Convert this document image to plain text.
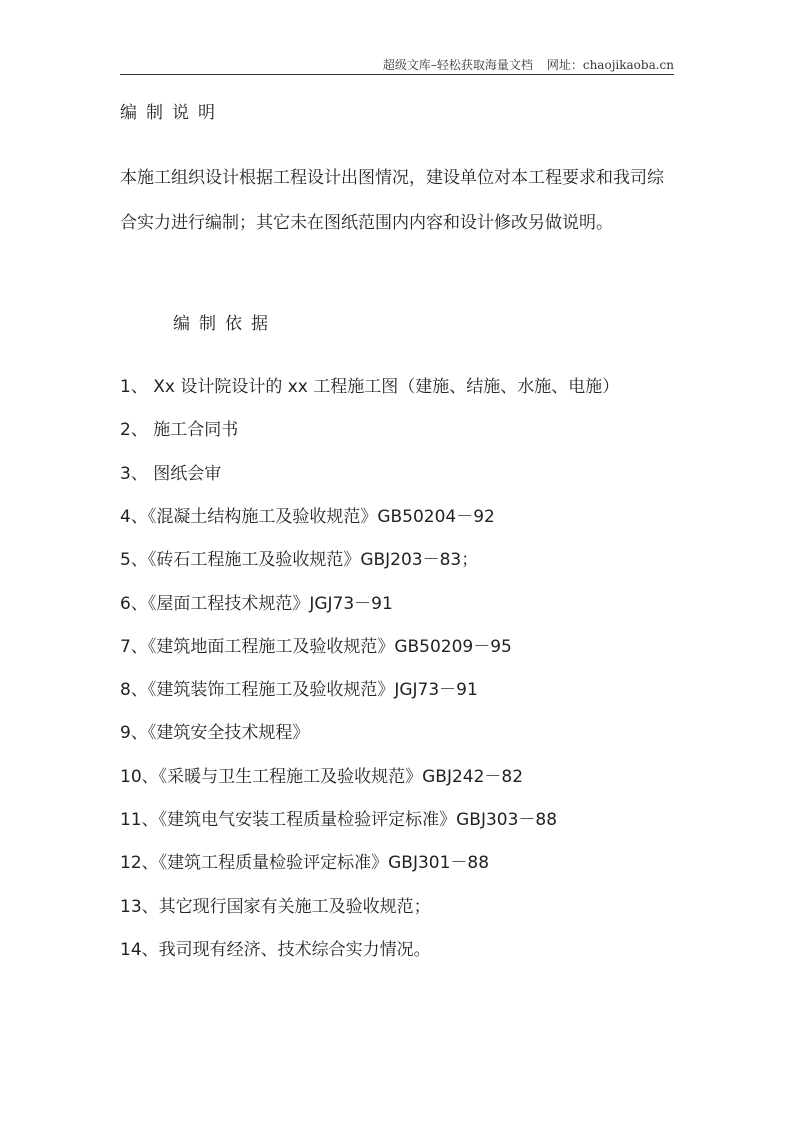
超级文库–轻松获取海量文档 网址：chaojikaoba.cn
编制说明
本施工组织设计根据工程设计出图情况，建设单位对本工程要求和我司综合实力进行编制；其它未在图纸范围内内容和设计修改另做说明。
编制依据
1、 Xx 设计院设计的 xx 工程施工图（建施、结施、水施、电施）
2、 施工合同书
3、 图纸会审
4、《混凝土结构施工及验收规范》GB50204－92
5、《砖石工程施工及验收规范》GBJ203－83；
6、《屋面工程技术规范》JGJ73－91
7、《建筑地面工程施工及验收规范》GB50209－95
8、《建筑装饰工程施工及验收规范》JGJ73－91
9、《建筑安全技术规程》
10、《采暖与卫生工程施工及验收规范》GBJ242－82
11、《建筑电气安装工程质量检验评定标准》GBJ303－88
12、《建筑工程质量检验评定标准》GBJ301－88
13、其它现行国家有关施工及验收规范；
14、我司现有经济、技术综合实力情况。
